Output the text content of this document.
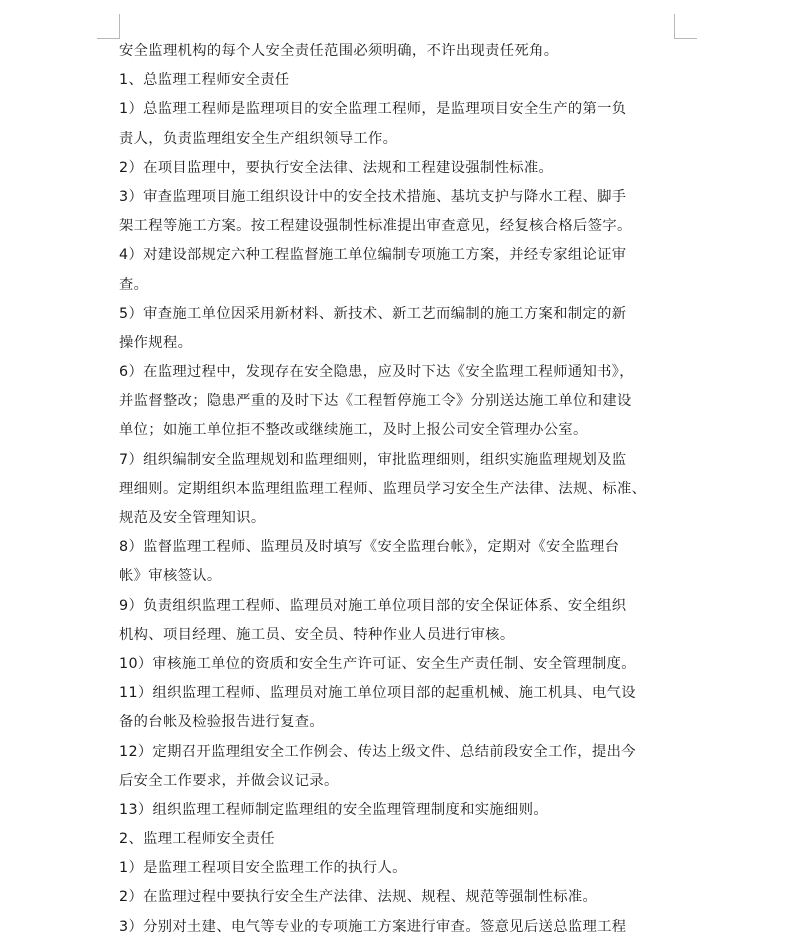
安全监理机构的每个人安全责任范围必须明确，不许出现责任死角。
1、总监理工程师安全责任
1）总监理工程师是监理项目的安全监理工程师，是监理项目安全生产的第一负
责人，负责监理组安全生产组织领导工作。
2）在项目监理中，要执行安全法律、法规和工程建设强制性标准。
3）审查监理项目施工组织设计中的安全技术措施、基坑支护与降水工程、脚手
架工程等施工方案。按工程建设强制性标准提出审查意见，经复核合格后签字。
4）对建设部规定六种工程监督施工单位编制专项施工方案，并经专家组论证审
查。
5）审查施工单位因采用新材料、新技术、新工艺而编制的施工方案和制定的新
操作规程。
6）在监理过程中，发现存在安全隐患，应及时下达《安全监理工程师通知书》，
并监督整改；隐患严重的及时下达《工程暂停施工令》分别送达施工单位和建设
单位；如施工单位拒不整改或继续施工，及时上报公司安全管理办公室。
7）组织编制安全监理规划和监理细则，审批监理细则，组织实施监理规划及监
理细则。定期组织本监理组监理工程师、监理员学习安全生产法律、法规、标准、
规范及安全管理知识。
8）监督监理工程师、监理员及时填写《安全监理台帐》，定期对《安全监理台
帐》审核签认。
9）负责组织监理工程师、监理员对施工单位项目部的安全保证体系、安全组织
机构、项目经理、施工员、安全员、特种作业人员进行审核。
10）审核施工单位的资质和安全生产许可证、安全生产责任制、安全管理制度。
11）组织监理工程师、监理员对施工单位项目部的起重机械、施工机具、电气设
备的台帐及检验报告进行复查。
12）定期召开监理组安全工作例会、传达上级文件、总结前段安全工作，提出今
后安全工作要求，并做会议记录。
13）组织监理工程师制定监理组的安全监理管理制度和实施细则。
2、监理工程师安全责任
1）是监理工程项目安全监理工作的执行人。
2）在监理过程中要执行安全生产法律、法规、规程、规范等强制性标准。
3）分别对土建、电气等专业的专项施工方案进行审查。签意见后送总监理工程
